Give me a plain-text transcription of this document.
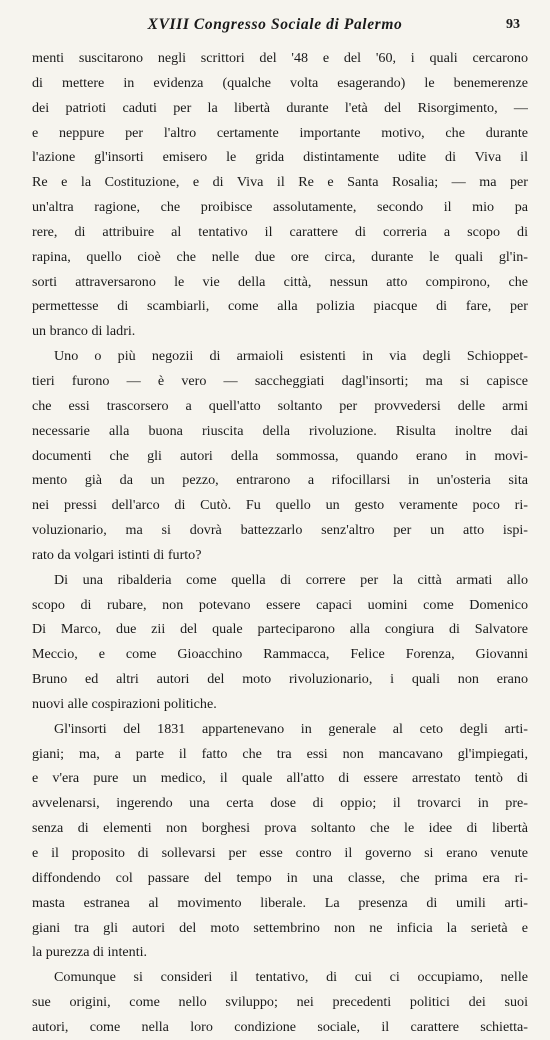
XVIII Congresso Sociale di Palermo	93
menti suscitarono negli scrittori del '48 e del '60, i quali cercarono
di mettere in evidenza (qualche volta esagerando) le benemerenze
dei patrioti caduti per la libertà durante l'età del Risorgimento, —
e neppure per l'altro certamente importante motivo, che durante
l'azione gl'insorti emisero le grida distintamente udite di Viva il
Re e la Costituzione, e di Viva il Re e Santa Rosalia; — ma per
un'altra ragione, che proibisce assolutamente, secondo il mio pa
rere, di attribuire al tentativo il carattere di correria a scopo di
rapina, quello cioè che nelle due ore circa, durante le quali gl'in-
sorti attraversarono le vie della città, nessun atto compirono, che
permettesse di scambiarli, come alla polizia piacque di fare, per
un branco di ladri.
Uno o più negozii di armaioli esistenti in via degli Schioppet-
tieri furono — è vero — saccheggiati dagl'insorti; ma si capisce
che essi trascorsero a quell'atto soltanto per provvedersi delle armi
necessarie alla buona riuscita della rivoluzione. Risulta inoltre dai
documenti che gli autori della sommossa, quando erano in movi-
mento già da un pezzo, entrarono a rifocillarsi in un'osteria sita
nei pressi dell'arco di Cutò. Fu quello un gesto veramente poco ri-
voluzionario, ma si dovrà battezzarlo senz'altro per un atto ispi-
rato da volgari istinti di furto?
Di una ribalderia come quella di correre per la città armati allo
scopo di rubare, non potevano essere capaci uomini come Domenico
Di Marco, due zii del quale parteciparono alla congiura di Salvatore
Meccio, e come Gioacchino Rammacca, Felice Forenza, Giovanni
Bruno ed altri autori del moto rivoluzionario, i quali non erano
nuovi alle cospirazioni politiche.
Gl'insorti del 1831 appartenevano in generale al ceto degli arti-
giani; ma, a parte il fatto che tra essi non mancavano gl'impiegati,
e v'era pure un medico, il quale all'atto di essere arrestato tentò di
avvelenarsi, ingerendo una certa dose di oppio; il trovarci in pre-
senza di elementi non borghesi prova soltanto che le idee di libertà
e il proposito di sollevarsi per esse contro il governo si erano venute
diffondendo col passare del tempo in una classe, che prima era ri-
masta estranea al movimento liberale. La presenza di umili arti-
giani tra gli autori del moto settembrino non ne inficia la serietà e
la purezza di intenti.
Comunque si consideri il tentativo, di cui ci occupiamo, nelle
sue origini, come nello sviluppo; nei precedenti politici dei suoi
autori, come nella loro condizione sociale, il carattere schietta-
